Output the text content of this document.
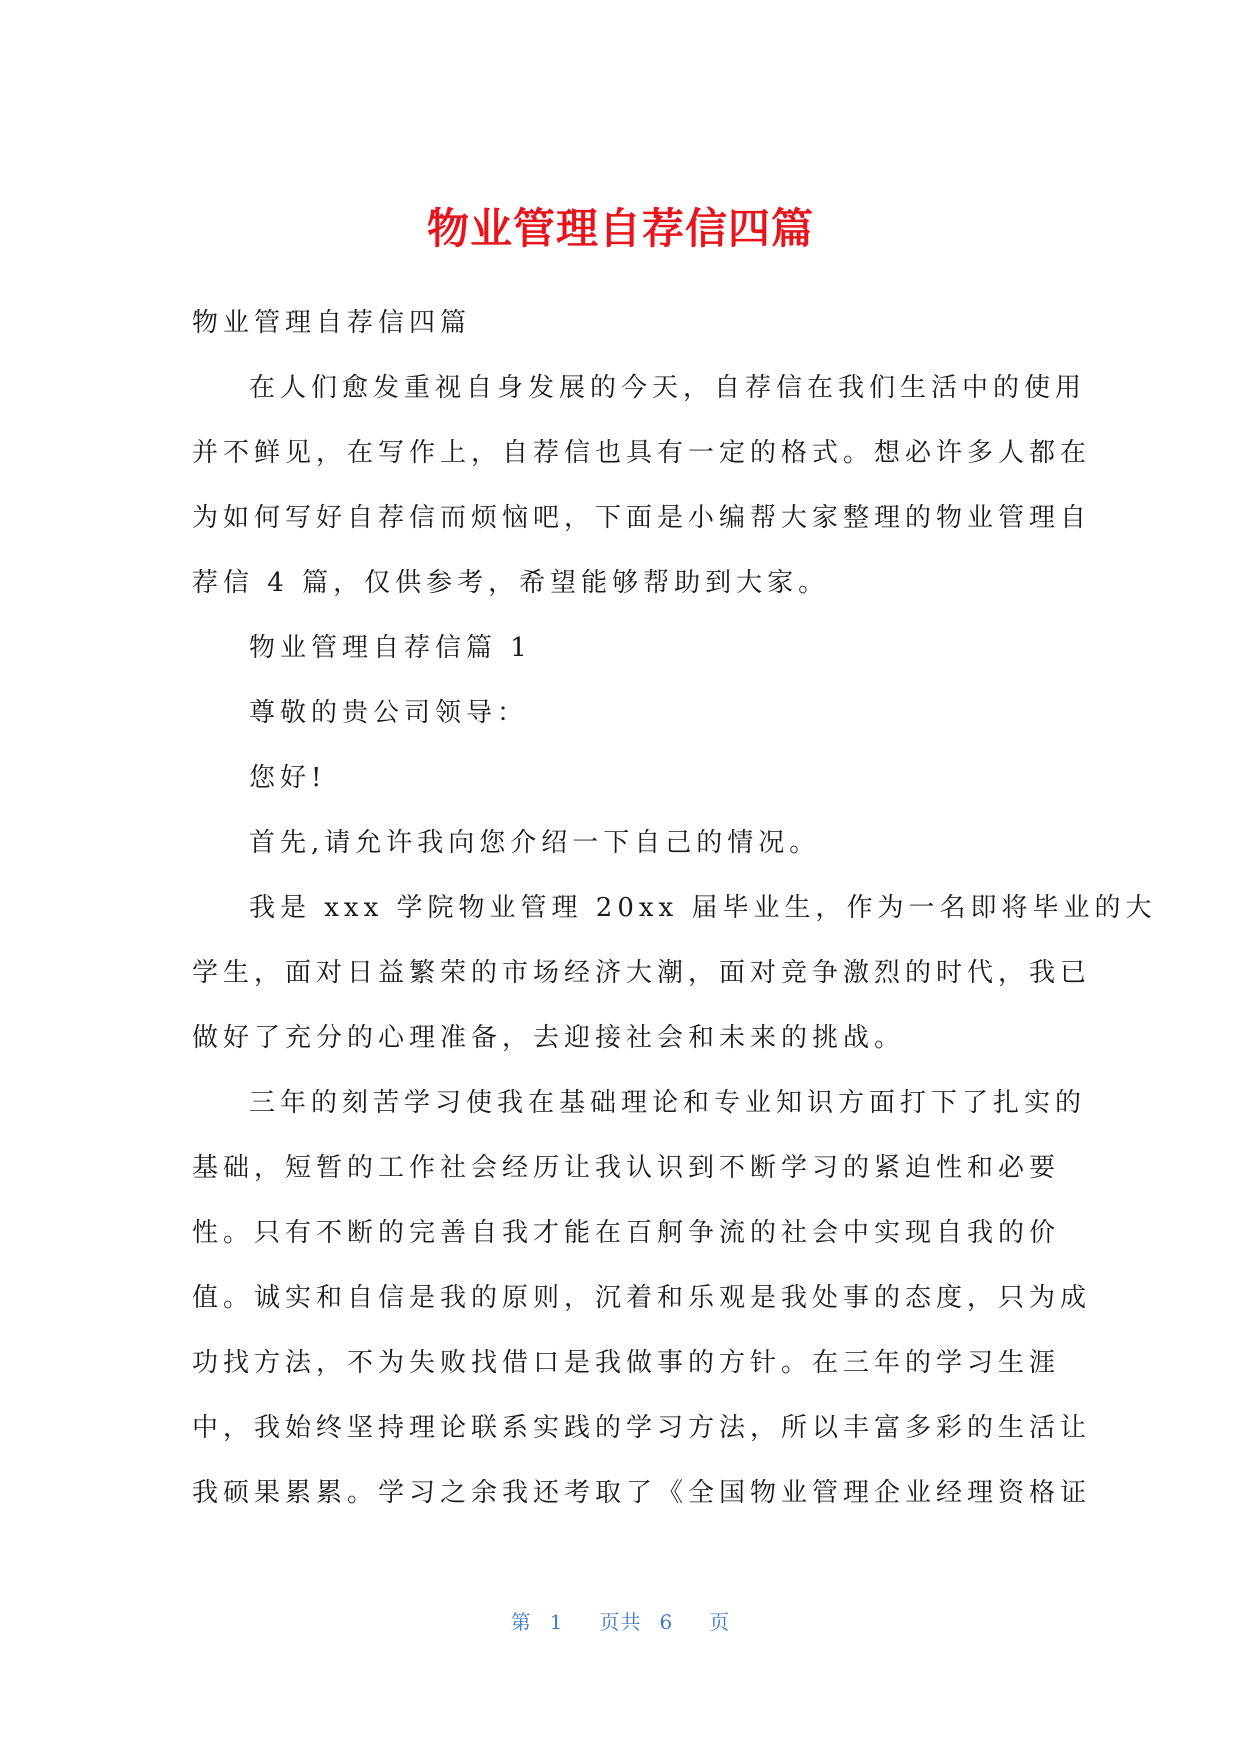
物业管理自荐信四篇

物业管理自荐信四篇

在人们愈发重视自身发展的今天，自荐信在我们生活中的使用
并不鲜见，在写作上，自荐信也具有一定的格式。想必许多人都在
为如何写好自荐信而烦恼吧，下面是小编帮大家整理的物业管理自
荐信 4 篇，仅供参考，希望能够帮助到大家。

物业管理自荐信篇 1

尊敬的贵公司领导：

您好!

首先,请允许我向您介绍一下自己的情况。

我是 xxx 学院物业管理 20xx 届毕业生，作为一名即将毕业的大
学生，面对日益繁荣的市场经济大潮，面对竞争激烈的时代，我已
做好了充分的心理准备，去迎接社会和未来的挑战。

三年的刻苦学习使我在基础理论和专业知识方面打下了扎实的
基础，短暂的工作社会经历让我认识到不断学习的紧迫性和必要
性。只有不断的完善自我才能在百舸争流的社会中实现自我的价
值。诚实和自信是我的原则，沉着和乐观是我处事的态度，只为成
功找方法，不为失败找借口是我做事的方针。在三年的学习生涯
中，我始终坚持理论联系实践的学习方法，所以丰富多彩的生活让
我硕果累累。学习之余我还考取了《全国物业管理企业经理资格证

第 1 页共 6 页
